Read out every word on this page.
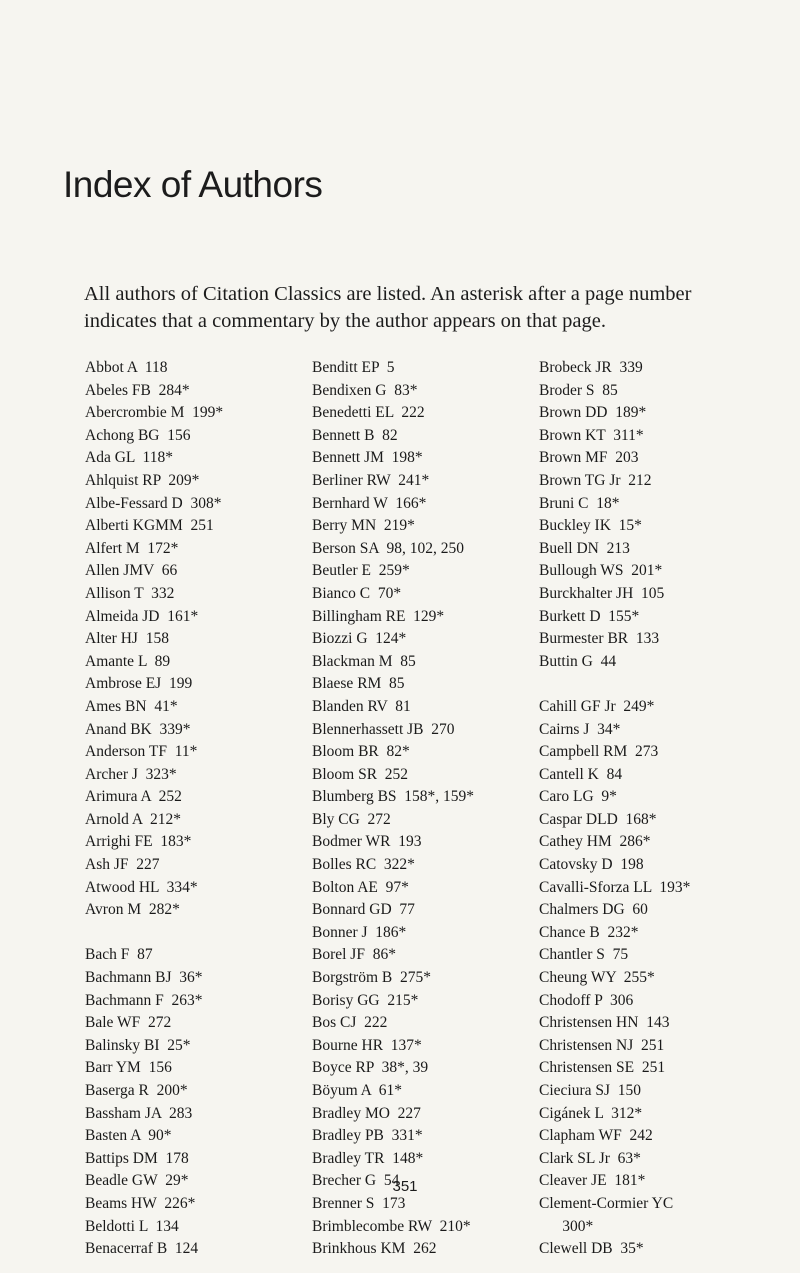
Index of Authors

All authors of Citation Classics are listed. An asterisk after a page number indicates that a commentary by the author appears on that page.

Abbot A  118
Abeles FB  284*
Abercrombie M  199*
Achong BG  156
Ada GL  118*
Ahlquist RP  209*
Albe-Fessard D  308*
Alberti KGMM  251
Alfert M  172*
Allen JMV  66
Allison T  332
Almeida JD  161*
Alter HJ  158
Amante L  89
Ambrose EJ  199
Ames BN  41*
Anand BK  339*
Anderson TF  11*
Archer J  323*
Arimura A  252
Arnold A  212*
Arrighi FE  183*
Ash JF  227
Atwood HL  334*
Avron M  282*
Bach F  87
Bachmann BJ  36*
Bachmann F  263*
Bale WF  272
Balinsky BI  25*
Barr YM  156
Baserga R  200*
Bassham JA  283
Basten A  90*
Battips DM  178
Beadle GW  29*
Beams HW  226*
Beldotti L  134
Benacerraf B  124
Benditt EP  5
Bendixen G  83*
Benedetti EL  222
Bennett B  82
Bennett JM  198*
Berliner RW  241*
Bernhard W  166*
Berry MN  219*
Berson SA  98, 102, 250
Beutler E  259*
Bianco C  70*
Billingham RE  129*
Biozzi G  124*
Blackman M  85
Blaese RM  85
Blanden RV  81
Blennerhassett JB  270
Bloom BR  82*
Bloom SR  252
Blumberg BS  158*, 159*
Bly CG  272
Bodmer WR  193
Bolles RC  322*
Bolton AE  97*
Bonnard GD  77
Bonner J  186*
Borel JF  86*
Borgström B  275*
Borisy GG  215*
Bos CJ  222
Bourne HR  137*
Boyce RP  38*, 39
Böyum A  61*
Bradley MO  227
Bradley PB  331*
Bradley TR  148*
Brecher G  54
Brenner S  173
Brimblecombe RW  210*
Brinkhous KM  262
Brobeck JR  339
Broder S  85
Brown DD  189*
Brown KT  311*
Brown MF  203
Brown TG Jr  212
Bruni C  18*
Buckley IK  15*
Buell DN  213
Bullough WS  201*
Burckhalter JH  105
Burkett D  155*
Burmester BR  133
Buttin G  44
Cahill GF Jr  249*
Cairns J  34*
Campbell RM  273
Cantell K  84
Caro LG  9*
Caspar DLD  168*
Cathey HM  286*
Catovsky D  198
Cavalli-Sforza LL  193*
Chalmers DG  60
Chance B  232*
Chantler S  75
Cheung WY  255*
Chodoff P  306
Christensen HN  143
Christensen NJ  251
Christensen SE  251
Cieciura SJ  150
Cigánek L  312*
Clapham WF  242
Clark SL Jr  63*
Cleaver JE  181*
Clement-Cormier YC
300*
Clewell DB  35*
351
